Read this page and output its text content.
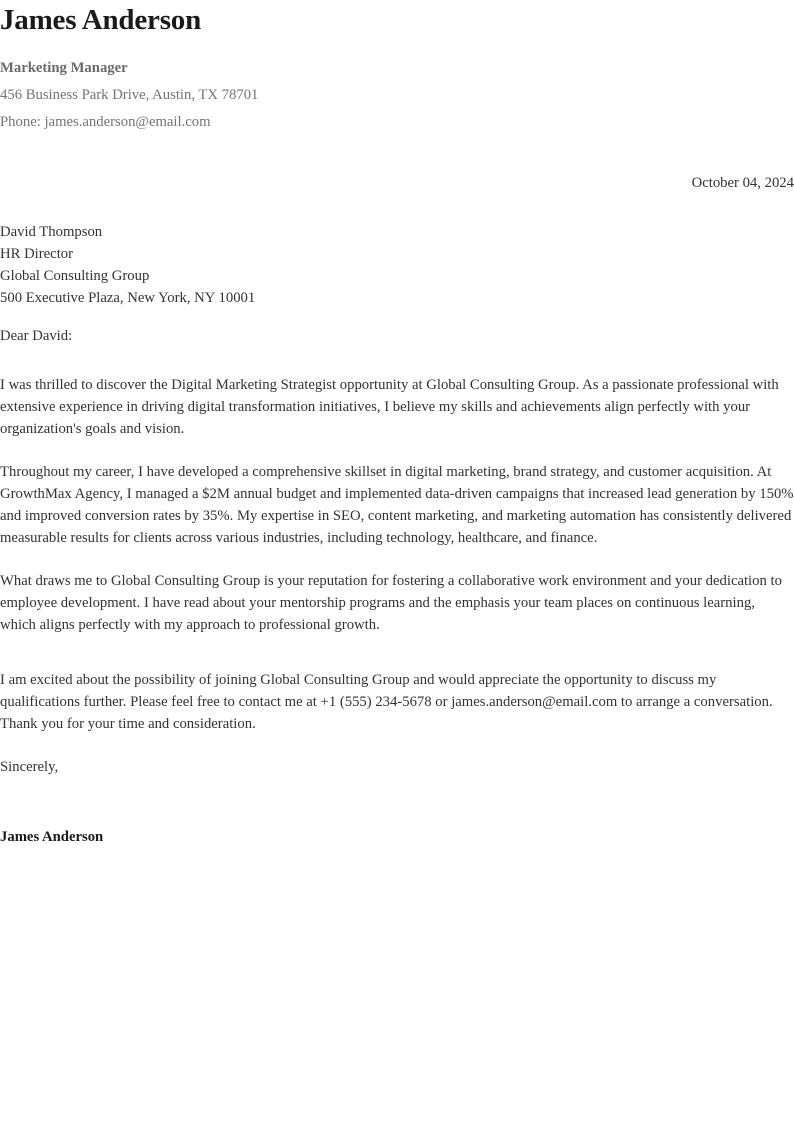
James Anderson
Marketing Manager
456 Business Park Drive, Austin, TX 78701
Phone: james.anderson@email.com
October 04, 2024
David Thompson
HR Director
Global Consulting Group
500 Executive Plaza, New York, NY 10001
Dear David:

I was thrilled to discover the Digital Marketing Strategist opportunity at Global Consulting Group. As a passionate professional with extensive experience in driving digital transformation initiatives, I believe my skills and achievements align perfectly with your organization's goals and vision.

Throughout my career, I have developed a comprehensive skillset in digital marketing, brand strategy, and customer acquisition. At GrowthMax Agency, I managed a $2M annual budget and implemented data-driven campaigns that increased lead generation by 150% and improved conversion rates by 35%. My expertise in SEO, content marketing, and marketing automation has consistently delivered measurable results for clients across various industries, including technology, healthcare, and finance.

What draws me to Global Consulting Group is your reputation for fostering a collaborative work environment and your dedication to employee development. I have read about your mentorship programs and the emphasis your team places on continuous learning, which aligns perfectly with my approach to professional growth.

I am excited about the possibility of joining Global Consulting Group and would appreciate the opportunity to discuss my qualifications further. Please feel free to contact me at +1 (555) 234-5678 or james.anderson@email.com to arrange a conversation. Thank you for your time and consideration.

Sincerely,
James Anderson
